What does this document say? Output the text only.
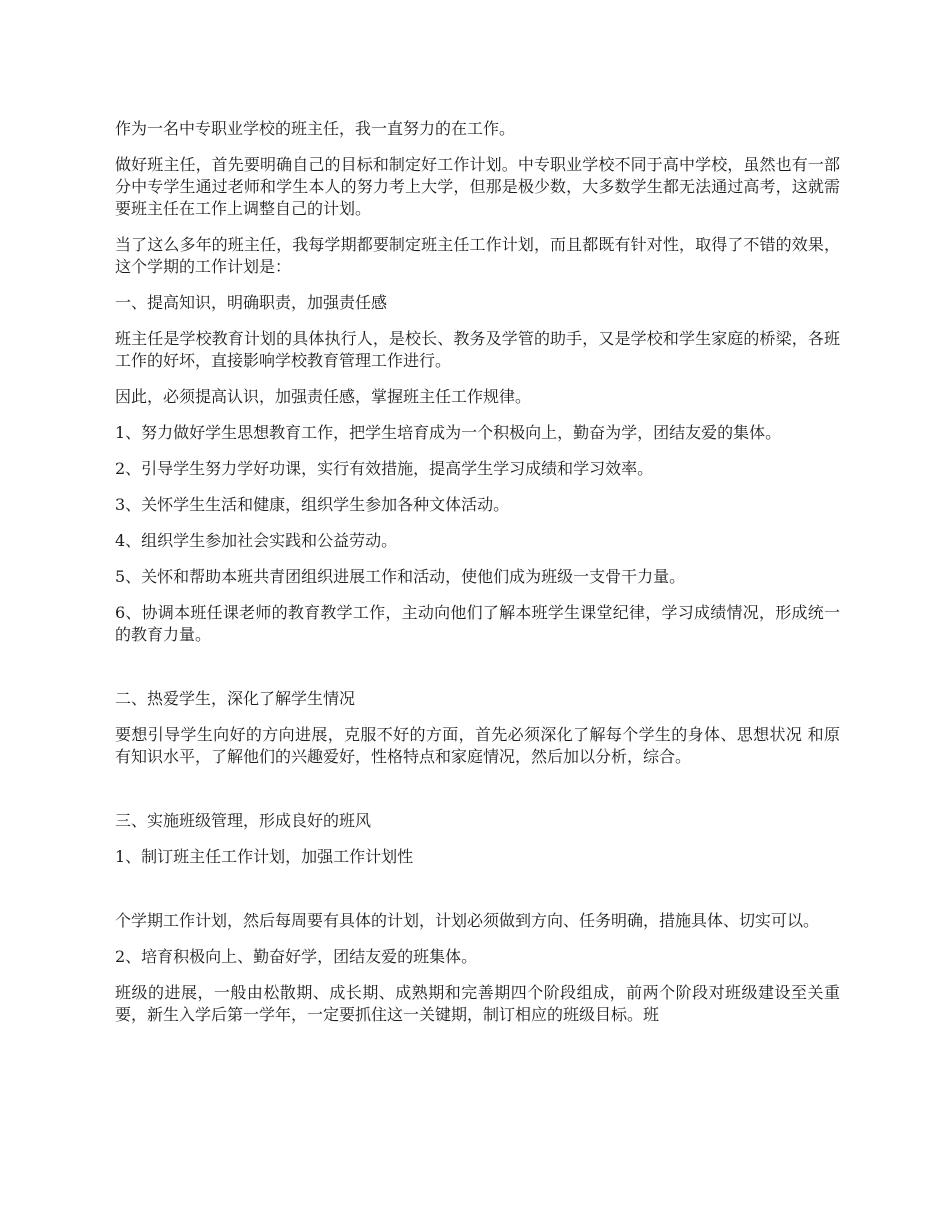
作为一名中专职业学校的班主任，我一直努力的在工作。

做好班主任，首先要明确自己的目标和制定好工作计划。中专职业学校不同于高中学校，虽然也有一部分中专学生通过老师和学生本人的努力考上大学，但那是极少数，大多数学生都无法通过高考，这就需要班主任在工作上调整自己的计划。

当了这么多年的班主任，我每学期都要制定班主任工作计划，而且都既有针对性，取得了不错的效果，这个学期的工作计划是：

一、提高知识，明确职责，加强责任感

班主任是学校教育计划的具体执行人，是校长、教务及学管的助手，又是学校和学生家庭的桥梁，各班工作的好坏，直接影响学校教育管理工作进行。

因此，必须提高认识，加强责任感，掌握班主任工作规律。

1、努力做好学生思想教育工作，把学生培育成为一个积极向上，勤奋为学，团结友爱的集体。

2、引导学生努力学好功课，实行有效措施，提高学生学习成绩和学习效率。

3、关怀学生生活和健康，组织学生参加各种文体活动。

4、组织学生参加社会实践和公益劳动。

5、关怀和帮助本班共青团组织进展工作和活动，使他们成为班级一支骨干力量。

6、协调本班任课老师的教育教学工作，主动向他们了解本班学生课堂纪律，学习成绩情况，形成统一的教育力量。

二、热爱学生，深化了解学生情况

要想引导学生向好的方向进展，克服不好的方面，首先必须深化了解每个学生的身体、思想状况 和原有知识水平，了解他们的兴趣爱好，性格特点和家庭情况，然后加以分析，综合。

三、实施班级管理，形成良好的班风

1、制订班主任工作计划，加强工作计划性

个学期工作计划，然后每周要有具体的计划，计划必须做到方向、任务明确，措施具体、切实可以。

2、培育积极向上、勤奋好学，团结友爱的班集体。

班级的进展，一般由松散期、成长期、成熟期和完善期四个阶段组成，前两个阶段对班级建设至关重要，新生入学后第一学年，一定要抓住这一关键期，制订相应的班级目标。班
